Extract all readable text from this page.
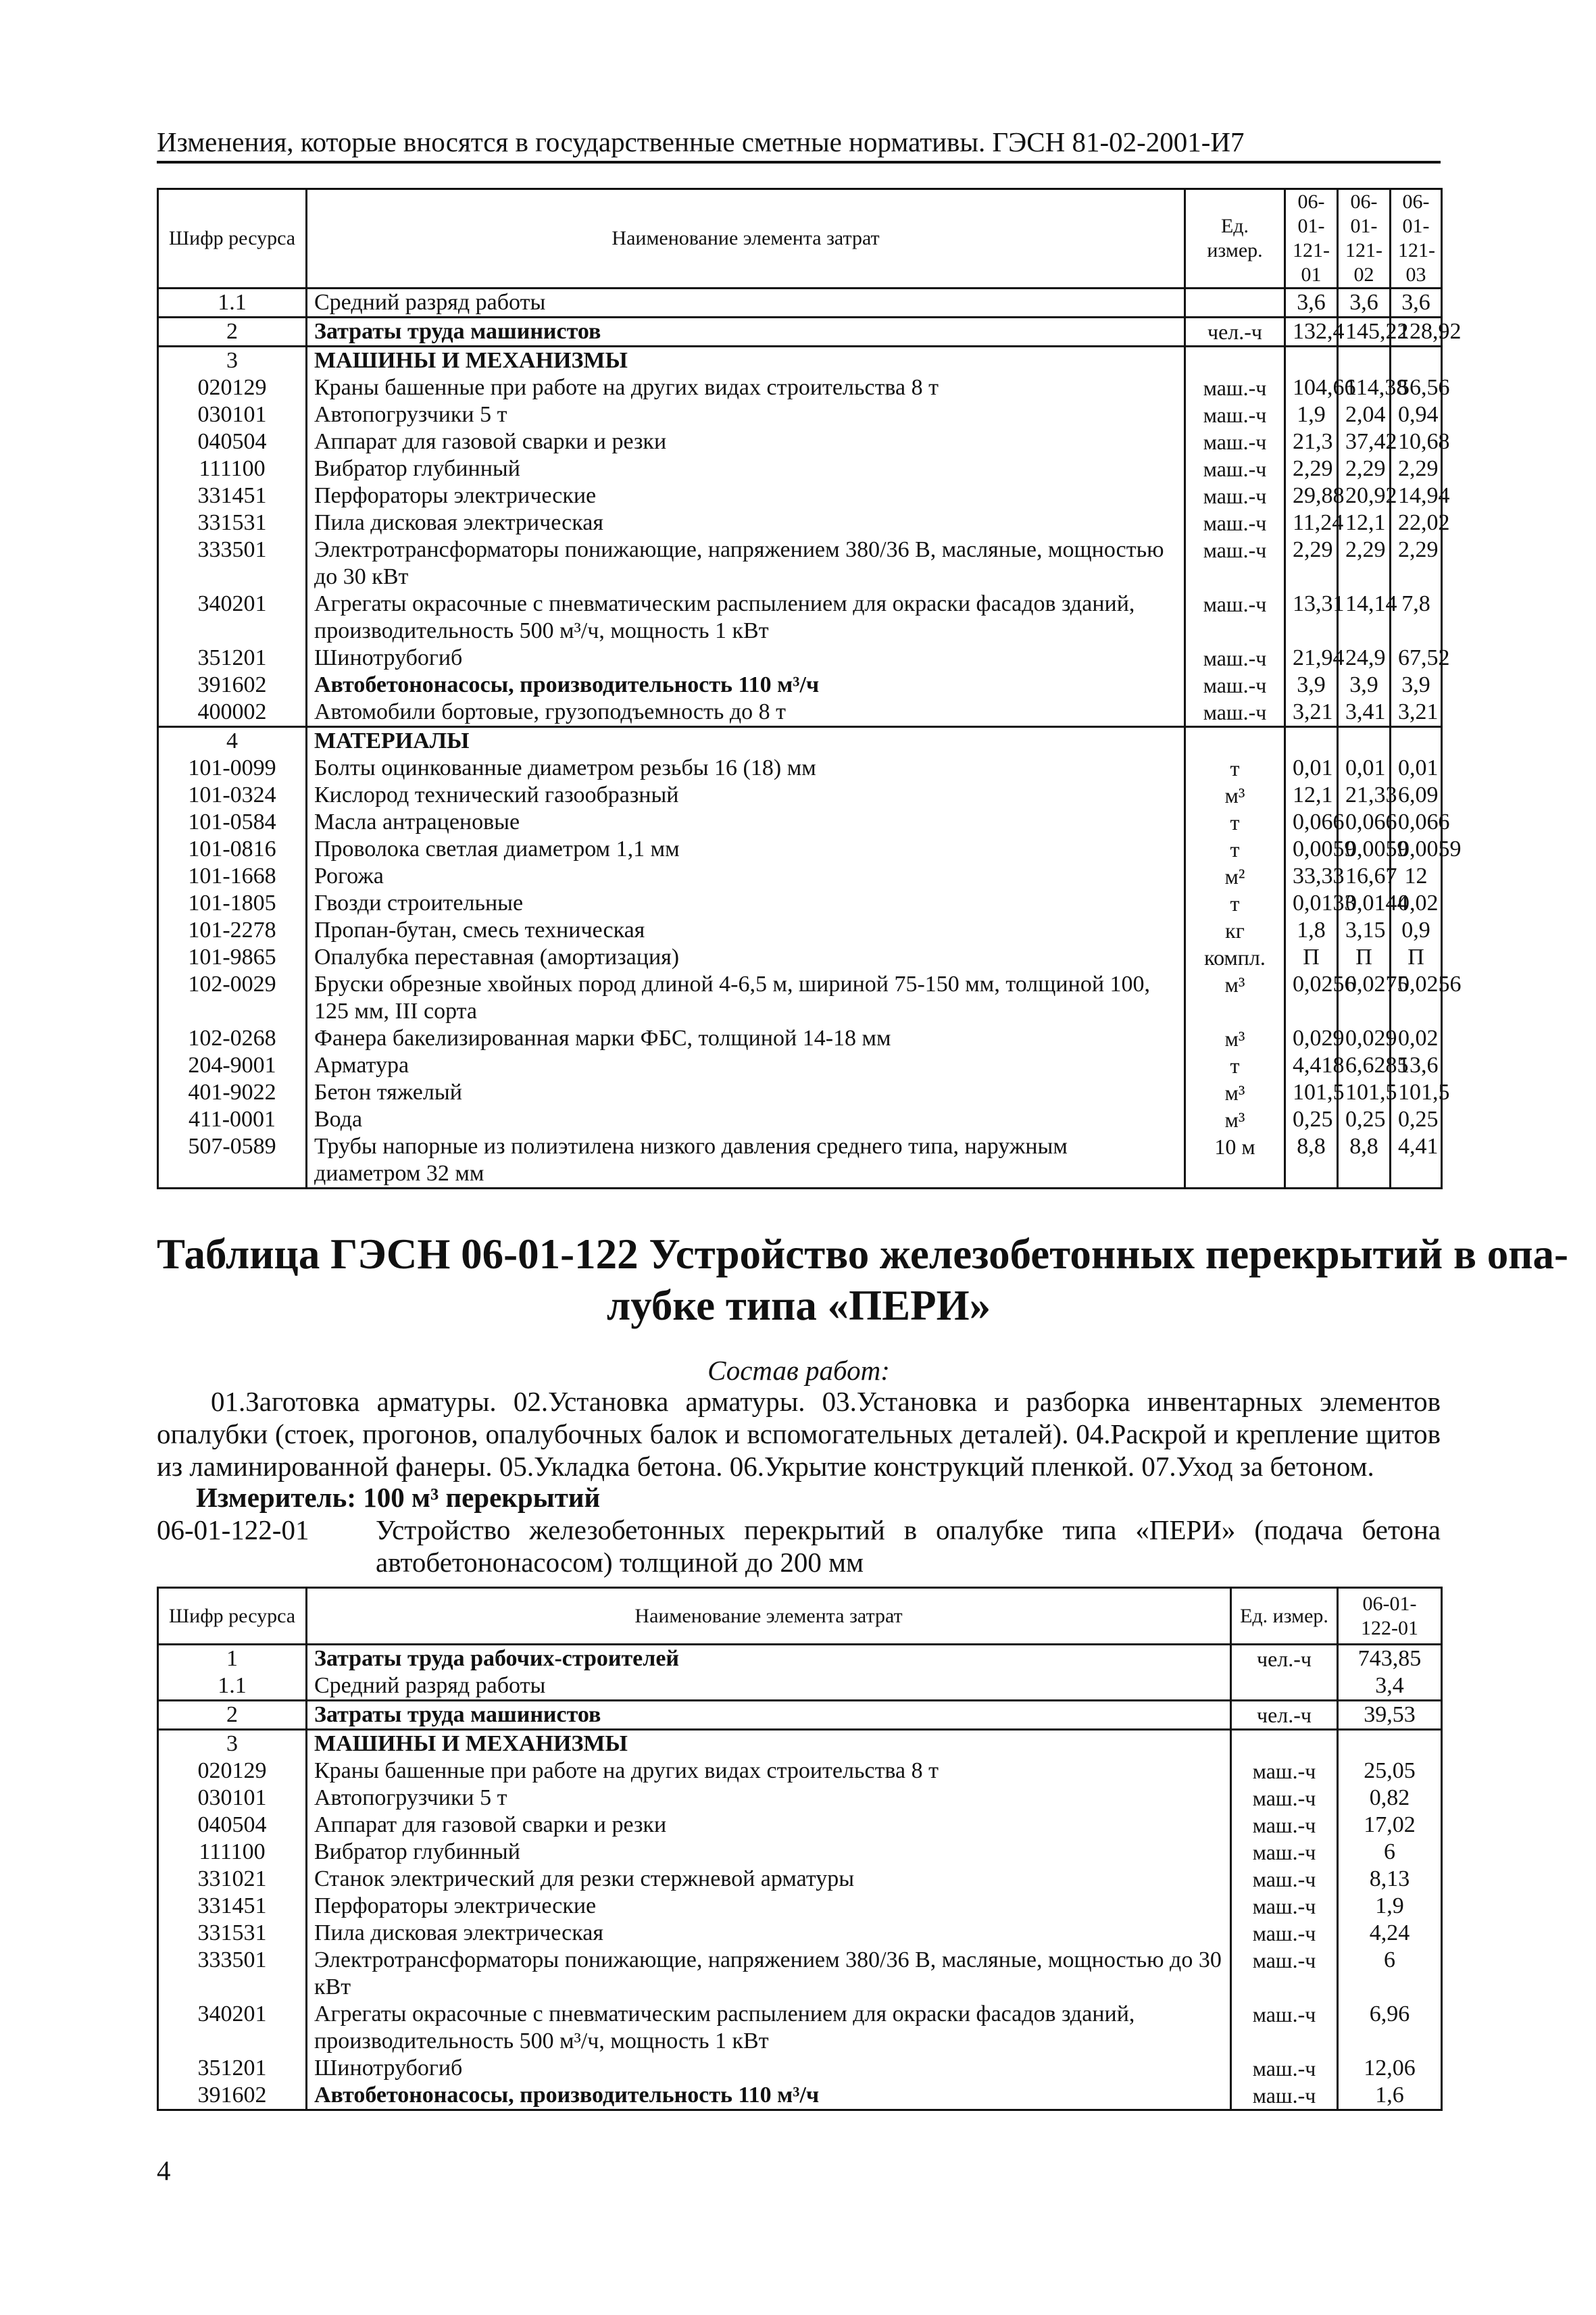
Изменения, которые вносятся в государственные сметные нормативы. ГЭСН 81-02-2001-И7
Шифр ресурса	Наименование элемента затрат	Ед. измер.	06-01-121-01	06-01-121-02	06-01-121-03
1.1	Средний разряд работы		3,6	3,6	3,6
2	Затраты труда машинистов	чел.-ч	132,4	145,22	128,92
3	МАШИНЫ И МЕХАНИЗМЫ				
020129	Краны башенные при работе на других видах строительства 8 т	маш.-ч	104,66	114,38	56,56
030101	Автопогрузчики 5 т	маш.-ч	1,9	2,04	0,94
040504	Аппарат для газовой сварки и резки	маш.-ч	21,3	37,42	10,68
111100	Вибратор глубинный	маш.-ч	2,29	2,29	2,29
331451	Перфораторы электрические	маш.-ч	29,88	20,92	14,94
331531	Пила дисковая электрическая	маш.-ч	11,24	12,1	22,02
333501	Электротрансформаторы понижающие, напряжением 380/36 В, масляные, мощностью до 30 кВт	маш.-ч	2,29	2,29	2,29
340201	Агрегаты окрасочные с пневматическим распылением для окраски фасадов зданий, производительность 500 м³/ч, мощность 1 кВт	маш.-ч	13,31	14,14	7,8
351201	Шинотрубогиб	маш.-ч	21,94	24,9	67,52
391602	Автобетононасосы, производительность 110 м³/ч	маш.-ч	3,9	3,9	3,9
400002	Автомобили бортовые, грузоподъемность до 8 т	маш.-ч	3,21	3,41	3,21
4	МАТЕРИАЛЫ				
101-0099	Болты оцинкованные диаметром резьбы 16 (18) мм	т	0,01	0,01	0,01
101-0324	Кислород технический газообразный	м³	12,1	21,33	6,09
101-0584	Масла антраценовые	т	0,066	0,066	0,066
101-0816	Проволока светлая диаметром 1,1 мм	т	0,0059	0,0059	0,0059
101-1668	Рогожа	м²	33,33	16,67	12
101-1805	Гвозди строительные	т	0,0133	0,0144	0,02
101-2278	Пропан-бутан, смесь техническая	кг	1,8	3,15	0,9
101-9865	Опалубка переставная (амортизация)	компл.	П	П	П
102-0029	Бруски обрезные хвойных пород длиной 4-6,5 м, шириной 75-150 мм, толщиной 100, 125 мм, III сорта	м³	0,0256	0,0275	0,0256
102-0268	Фанера бакелизированная марки ФБС, толщиной 14-18 мм	м³	0,029	0,029	0,02
204-9001	Арматура	т	4,418	6,6285	13,6
401-9022	Бетон тяжелый	м³	101,5	101,5	101,5
411-0001	Вода	м³	0,25	0,25	0,25
507-0589	Трубы напорные из полиэтилена низкого давления среднего типа, наружным диаметром 32 мм	10 м	8,8	8,8	4,41
Таблица ГЭСН 06-01-122 Устройство железобетонных перекрытий в опа-
лубке типа «ПЕРИ»
Состав работ:
01.Заготовка арматуры. 02.Установка арматуры. 03.Установка и разборка инвентарных элементов опалубки (стоек, прогонов, опалубочных балок и вспомогательных деталей). 04.Раскрой и крепление щитов из ламинированной фанеры. 05.Укладка бетона. 06.Укрытие конструкций пленкой. 07.Уход за бетоном.
Измеритель: 100 м³ перекрытий
06-01-122-01 Устройство железобетонных перекрытий в опалубке типа «ПЕРИ» (подача бетона автобетононасосом) толщиной до 200 мм
Шифр ресурса	Наименование элемента затрат	Ед. измер.	06-01-122-01
1	Затраты труда рабочих-строителей	чел.-ч	743,85
1.1	Средний разряд работы		3,4
2	Затраты труда машинистов	чел.-ч	39,53
3	МАШИНЫ И МЕХАНИЗМЫ		
020129	Краны башенные при работе на других видах строительства 8 т	маш.-ч	25,05
030101	Автопогрузчики 5 т	маш.-ч	0,82
040504	Аппарат для газовой сварки и резки	маш.-ч	17,02
111100	Вибратор глубинный	маш.-ч	6
331021	Станок электрический для резки стержневой арматуры	маш.-ч	8,13
331451	Перфораторы электрические	маш.-ч	1,9
331531	Пила дисковая электрическая	маш.-ч	4,24
333501	Электротрансформаторы понижающие, напряжением 380/36 В, масляные, мощностью до 30 кВт	маш.-ч	6
340201	Агрегаты окрасочные с пневматическим распылением для окраски фасадов зданий, производительность 500 м³/ч, мощность 1 кВт	маш.-ч	6,96
351201	Шинотрубогиб	маш.-ч	12,06
391602	Автобетононасосы, производительность 110 м³/ч	маш.-ч	1,6
4
